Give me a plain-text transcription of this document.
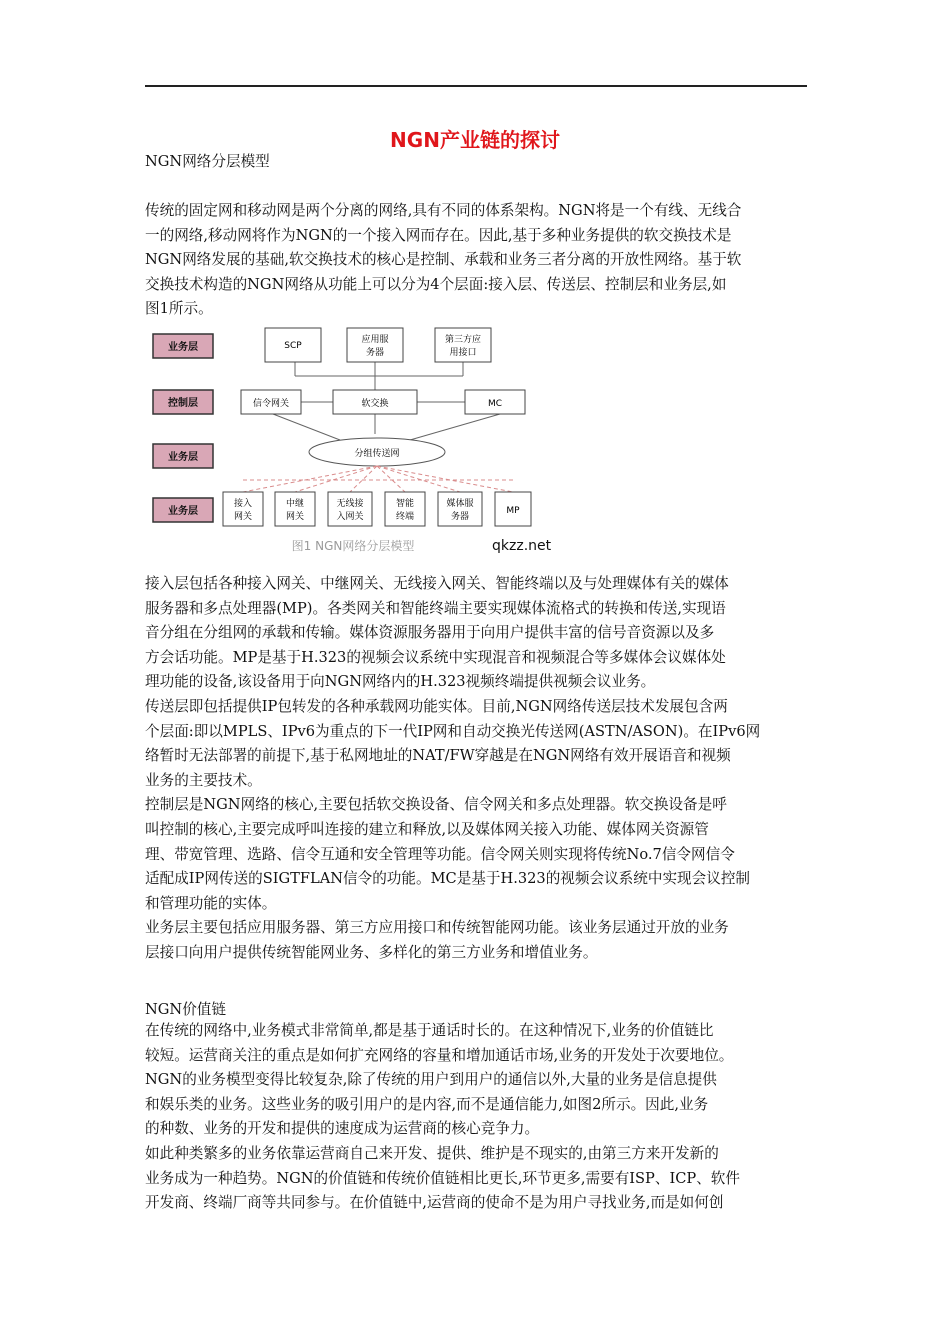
NGN产业链的探讨
NGN网络分层模型
传统的固定网和移动网是两个分离的网络,具有不同的体系架构。NGN将是一个有线、无线合
一的网络,移动网将作为NGN的一个接入网而存在。因此,基于多种业务提供的软交换技术是
NGN网络发展的基础,软交换技术的核心是控制、承载和业务三者分离的开放性网络。基于软
交换技术构造的NGN网络从功能上可以分为4个层面:接入层、传送层、控制层和业务层,如
图1所示。
业务层
控制层
业务层
业务层
SCP
应用服
务器
第三方应
用接口
信令网关	软交换	MC
分组传送网
接入
网关
中继
网关
无线接
入网关
智能
终端
媒体服
务器
MP
图1 NGN网络分层模型	qkzz.net
接入层包括各种接入网关、中继网关、无线接入网关、智能终端以及与处理媒体有关的媒体
服务器和多点处理器(MP)。各类网关和智能终端主要实现媒体流格式的转换和传送,实现语
音分组在分组网的承载和传输。媒体资源服务器用于向用户提供丰富的信号音资源以及多
方会话功能。MP是基于H.323的视频会议系统中实现混音和视频混合等多媒体会议媒体处
理功能的设备,该设备用于向NGN网络内的H.323视频终端提供视频会议业务。
传送层即包括提供IP包转发的各种承载网功能实体。目前,NGN网络传送层技术发展包含两
个层面:即以MPLS、IPv6为重点的下一代IP网和自动交换光传送网(ASTN/ASON)。在IPv6网
络暂时无法部署的前提下,基于私网地址的NAT/FW穿越是在NGN网络有效开展语音和视频
业务的主要技术。
控制层是NGN网络的核心,主要包括软交换设备、信令网关和多点处理器。软交换设备是呼
叫控制的核心,主要完成呼叫连接的建立和释放,以及媒体网关接入功能、媒体网关资源管
理、带宽管理、选路、信令互通和安全管理等功能。信令网关则实现将传统No.7信令网信令
适配成IP网传送的SIGTFLAN信令的功能。MC是基于H.323的视频会议系统中实现会议控制
和管理功能的实体。
业务层主要包括应用服务器、第三方应用接口和传统智能网功能。该业务层通过开放的业务
层接口向用户提供传统智能网业务、多样化的第三方业务和增值业务。
NGN价值链
在传统的网络中,业务模式非常简单,都是基于通话时长的。在这种情况下,业务的价值链比
较短。运营商关注的重点是如何扩充网络的容量和增加通话市场,业务的开发处于次要地位。
NGN的业务模型变得比较复杂,除了传统的用户到用户的通信以外,大量的业务是信息提供
和娱乐类的业务。这些业务的吸引用户的是内容,而不是通信能力,如图2所示。因此,业务
的种数、业务的开发和提供的速度成为运营商的核心竞争力。
如此种类繁多的业务依靠运营商自己来开发、提供、维护是不现实的,由第三方来开发新的
业务成为一种趋势。NGN的价值链和传统价值链相比更长,环节更多,需要有ISP、ICP、软件
开发商、终端厂商等共同参与。在价值链中,运营商的使命不是为用户寻找业务,而是如何创
